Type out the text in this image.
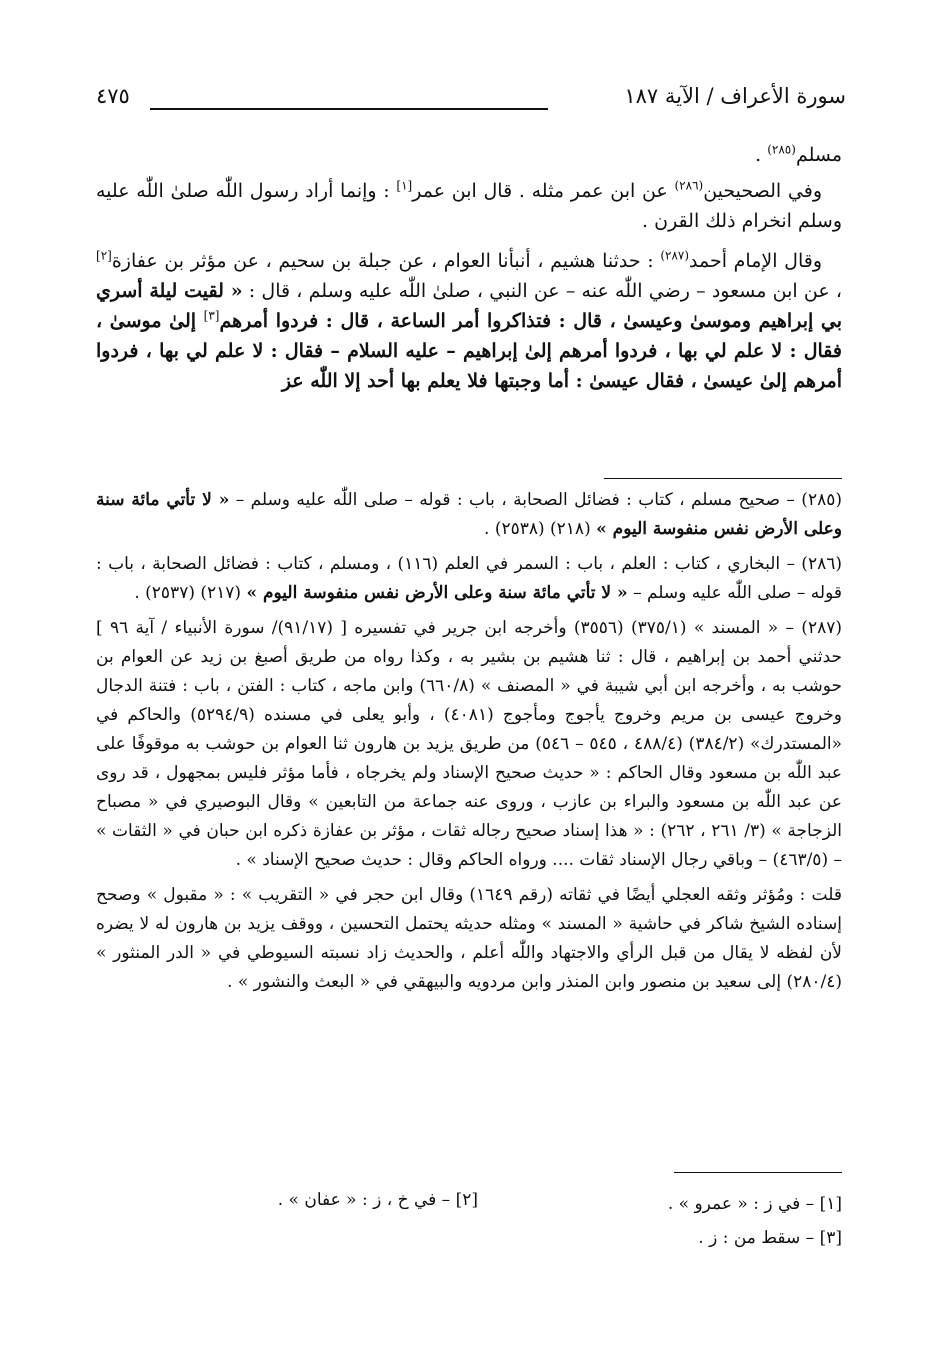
سورة الأعراف / الآية ١٨٧
٤٧٥

مسلم$^{(٢٨٥)}$ .

وفي الصحيحين$^{(٢٨٦)}$ عن ابن عمر مثله . قال ابن عمر[١] : وإنما أراد رسول اللّٰه صلىٰ اللّٰه عليه وسلم انخرام ذلك القرن .

وقال الإمام أحمد$^{(٢٨٧)}$ : حدثنا هشيم ، أنبأنا العوام ، عن جبلة بن سحيم ، عن مؤثر بن عفازة[٢] ، عن ابن مسعود – رضي اللّٰه عنه – عن النبي ، صلىٰ اللّٰه عليه وسلم ، قال : « لقيت ليلة أسري بي إبراهيم وموسىٰ وعيسىٰ ، قال : فتذاكروا أمر الساعة ، قال : فردوا أمرهم[٣] إلىٰ موسىٰ ، فقال : لا علم لي بها ، فردوا أمرهم إلىٰ إبراهيم – عليه السلام – فقال : لا علم لي بها ، فردوا أمرهم إلىٰ عيسىٰ ، فقال عيسىٰ : أما وجبتها فلا يعلم بها أحد إلا اللّٰه عز

(٢٨٥) – صحيح مسلم ، كتاب : فضائل الصحابة ، باب : قوله – صلى اللّٰه عليه وسلم – « لا تأتي مائة سنة وعلى الأرض نفس منفوسة اليوم » (٢١٨) (٢٥٣٨) .

(٢٨٦) – البخاري ، كتاب : العلم ، باب : السمر في العلم (١١٦) ، ومسلم ، كتاب : فضائل الصحابة ، باب : قوله – صلى اللّٰه عليه وسلم – « لا تأتي مائة سنة وعلى الأرض نفس منفوسة اليوم » (٢١٧) (٢٥٣٧) .

(٢٨٧) – « المسند » (٣٧٥/١) (٣٥٥٦) وأخرجه ابن جرير في تفسيره [ (٩١/١٧)/ سورة الأنبياء / آية ٩٦ ] حدثني أحمد بن إبراهيم ، قال : ثنا هشيم بن بشير به ، وكذا رواه من طريق أصبغ بن زيد عن العوام بن حوشب به ، وأخرجه ابن أبي شيبة في « المصنف » (٦٦٠/٨) وابن ماجه ، كتاب : الفتن ، باب : فتنة الدجال وخروج عيسى بن مريم وخروج يأجوج ومأجوج (٤٠٨١) ، وأبو يعلى في مسنده (٥٢٩٤/٩) والحاكم في «المستدرك» (٣٨٤/٢) (٤٨٨/٤ ، ٥٤٥ – ٥٤٦) من طريق يزيد بن هارون ثنا العوام بن حوشب به موقوفًا على عبد اللّٰه بن مسعود وقال الحاكم : « حديث صحيح الإسناد ولم يخرجاه ، فأما مؤثر فليس بمجهول ، قد روى عن عبد اللّٰه بن مسعود والبراء بن عازب ، وروى عنه جماعة من التابعين » وقال البوصيري في « مصباح الزجاجة » (٣/ ٢٦١ ، ٢٦٢) : « هذا إسناد صحيح رجاله ثقات ، مؤثر بن عفازة ذكره ابن حبان في « الثقات » – (٤٦٣/٥) – وباقي رجال الإسناد ثقات .... ورواه الحاكم وقال : حديث صحيح الإسناد » .

قلت : ومُؤثر وثقه العجلي أيضًا في ثقاته (رقم ١٦٤٩) وقال ابن حجر في « التقريب » : « مقبول » وصحح إسناده الشيخ شاكر في حاشية « المسند » ومثله حديثه يحتمل التحسين ، ووقف يزيد بن هارون له لا يضره لأن لفظه لا يقال من قبل الرأي والاجتهاد واللّٰه أعلم ، والحديث زاد نسبته السيوطي في « الدر المنثور » (٢٨٠/٤) إلى سعيد بن منصور وابن المنذر وابن مردويه والبيهقي في « البعث والنشور » .

[١] – في ز : « عمرو » .
[٣] – سقط من : ز .
[٢] – في خ ، ز : « عفان » .
